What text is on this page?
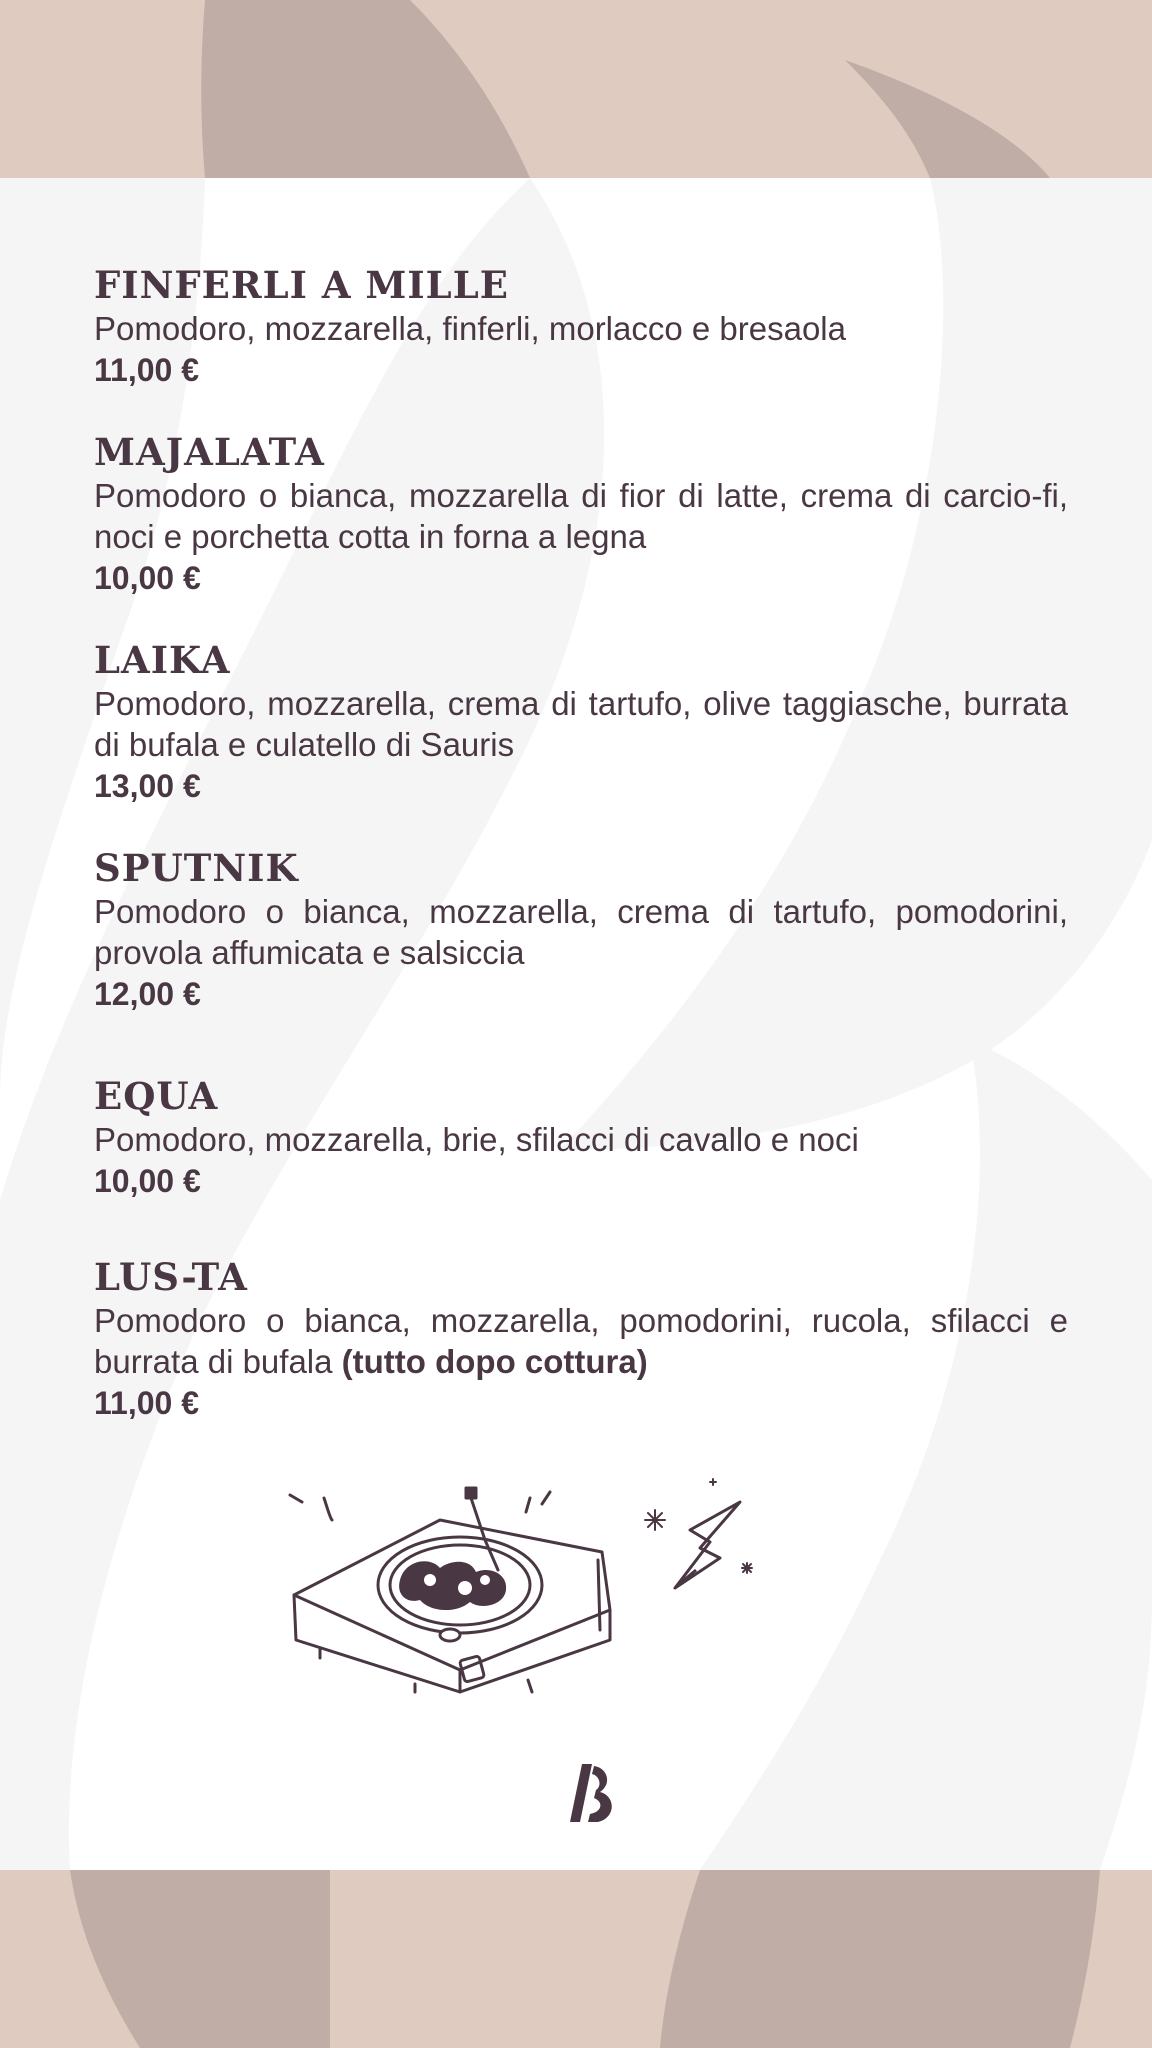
FINFERLI A MILLE
Pomodoro, mozzarella, finferli, morlacco e bresaola
11,00 €
MAJALATA
Pomodoro o bianca, mozzarella di fior di latte, crema di carcio-fi, noci e porchetta cotta in forna a legna
10,00 €
LAIKA
Pomodoro, mozzarella, crema di tartufo, olive taggiasche, burrata di bufala e culatello di Sauris
13,00 €
SPUTNIK
Pomodoro o bianca, mozzarella, crema di tartufo, pomodorini, provola affumicata e salsiccia
12,00 €
EQUA
Pomodoro, mozzarella, brie, sfilacci di cavallo e noci
10,00 €
LUS-TA
Pomodoro o bianca, mozzarella, pomodorini, rucola, sfilacci e burrata di bufala (tutto dopo cottura)
11,00 €
